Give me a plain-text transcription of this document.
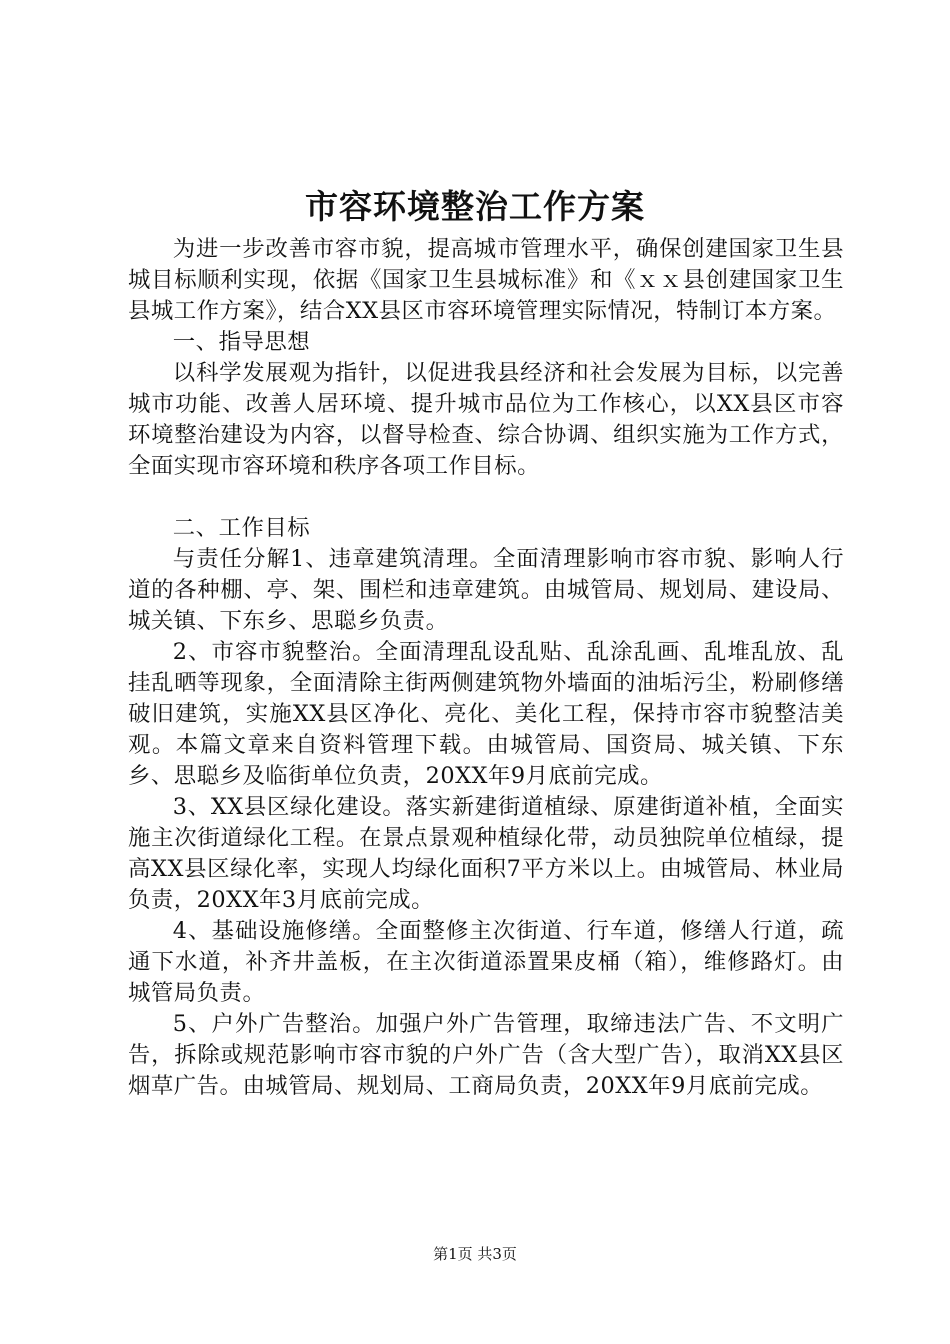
市容环境整治工作方案

为进一步改善市容市貌，提高城市管理水平，确保创建国家卫生县城目标顺利实现，依据《国家卫生县城标准》和《ｘｘ县创建国家卫生县城工作方案》，结合XX县区市容环境管理实际情况，特制订本方案。

一、指导思想

以科学发展观为指针，以促进我县经济和社会发展为目标，以完善城市功能、改善人居环境、提升城市品位为工作核心，以XX县区市容环境整治建设为内容，以督导检查、综合协调、组织实施为工作方式，全面实现市容环境和秩序各项工作目标。

二、工作目标

与责任分解1、违章建筑清理。全面清理影响市容市貌、影响人行道的各种棚、亭、架、围栏和违章建筑。由城管局、规划局、建设局、城关镇、下东乡、思聪乡负责。

2、市容市貌整治。全面清理乱设乱贴、乱涂乱画、乱堆乱放、乱挂乱晒等现象，全面清除主街两侧建筑物外墙面的油垢污尘，粉刷修缮破旧建筑，实施XX县区净化、亮化、美化工程，保持市容市貌整洁美观。本篇文章来自资料管理下载。由城管局、国资局、城关镇、下东乡、思聪乡及临街单位负责，20XX年9月底前完成。

3、XX县区绿化建设。落实新建街道植绿、原建街道补植，全面实施主次街道绿化工程。在景点景观种植绿化带，动员独院单位植绿，提高XX县区绿化率，实现人均绿化面积7平方米以上。由城管局、林业局负责，20XX年3月底前完成。

4、基础设施修缮。全面整修主次街道、行车道，修缮人行道，疏通下水道，补齐井盖板，在主次街道添置果皮桶（箱），维修路灯。由城管局负责。

5、户外广告整治。加强户外广告管理，取缔违法广告、不文明广告，拆除或规范影响市容市貌的户外广告（含大型广告），取消XX县区烟草广告。由城管局、规划局、工商局负责，20XX年9月底前完成。

第1页 共3页
